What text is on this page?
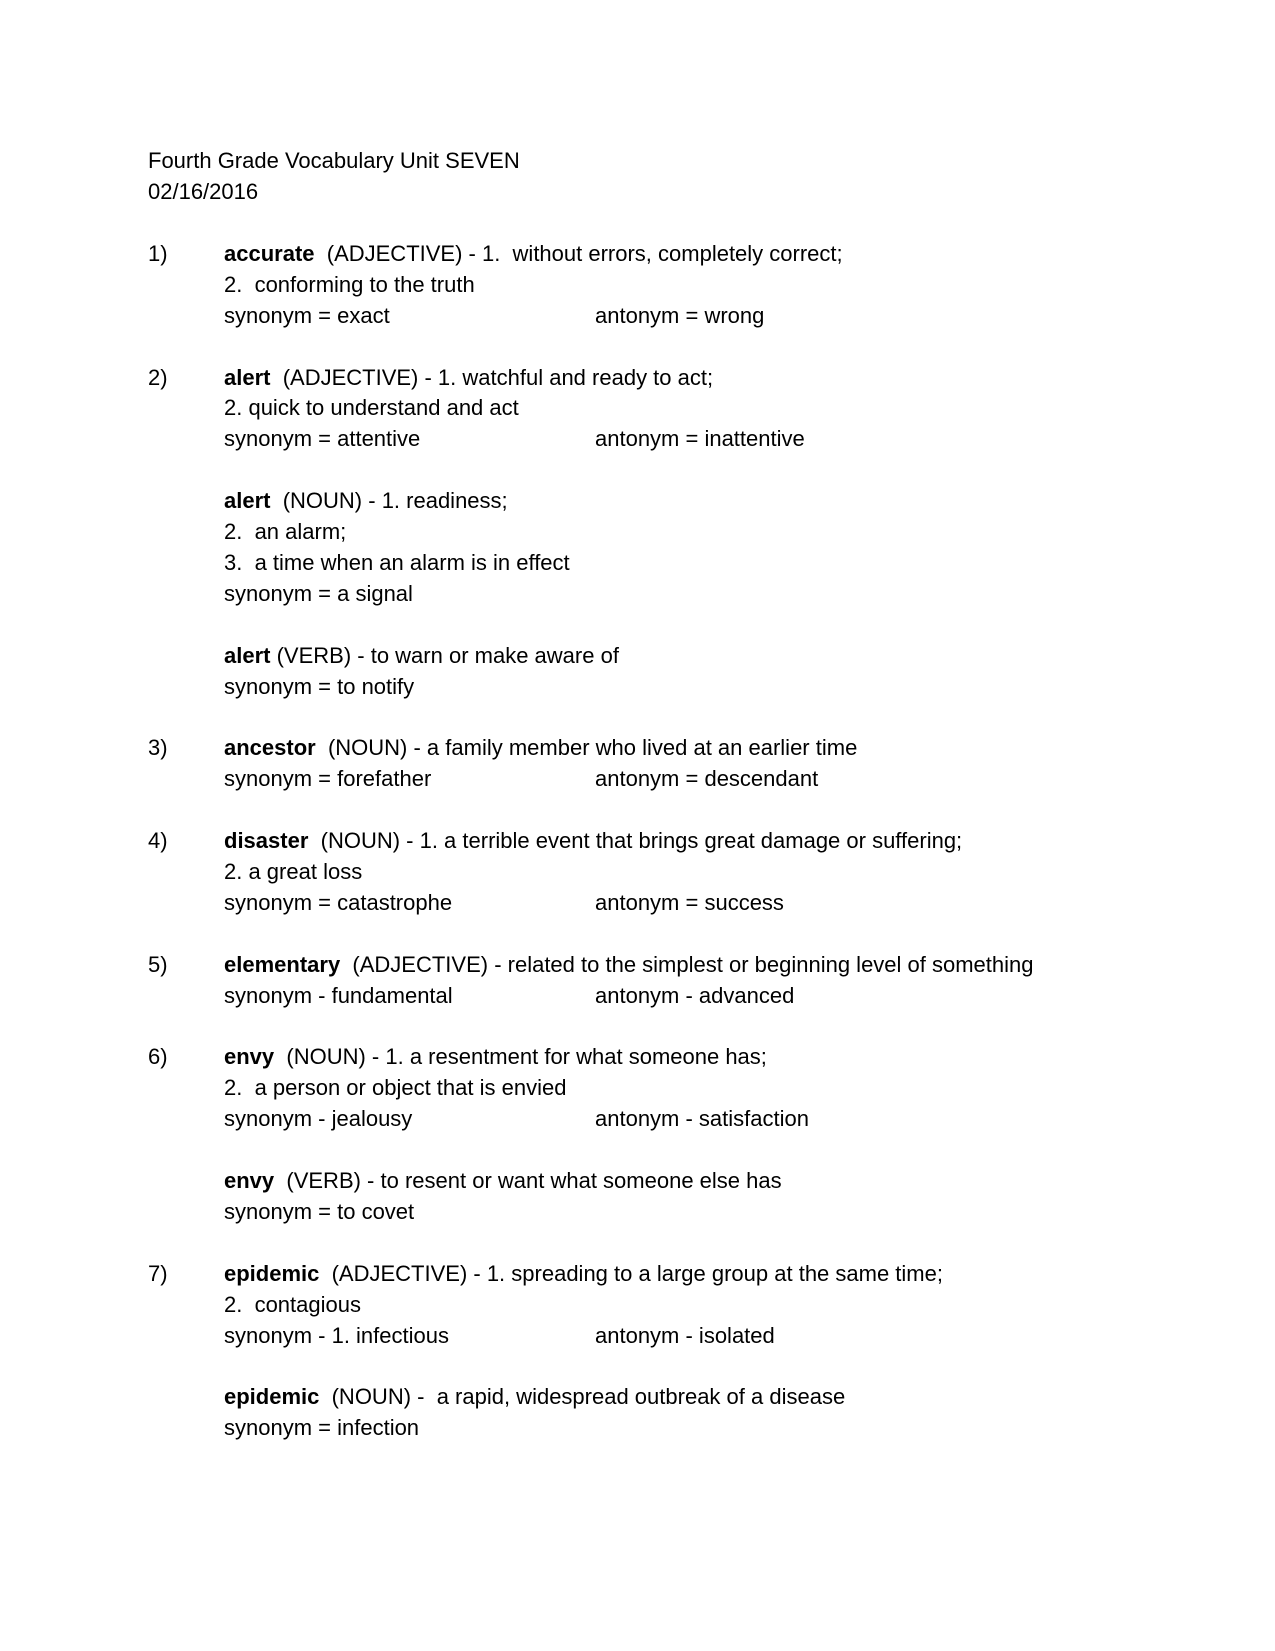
Fourth Grade Vocabulary Unit SEVEN
02/16/2016
1)	accurate  (ADJECTIVE) - 1.  without errors, completely correct;
2.  conforming to the truth
synonym = exact	antonym = wrong
2)	alert  (ADJECTIVE) - 1. watchful and ready to act;
2. quick to understand and act
synonym = attentive	antonym = inattentive
alert  (NOUN) - 1. readiness;
2.  an alarm;
3.  a time when an alarm is in effect
synonym = a signal
alert (VERB) - to warn or make aware of
synonym = to notify
3)	ancestor  (NOUN) - a family member who lived at an earlier time
synonym = forefather	antonym = descendant
4)	disaster  (NOUN) - 1. a terrible event that brings great damage or suffering;
2. a great loss
synonym = catastrophe	antonym = success
5)	elementary  (ADJECTIVE) - related to the simplest or beginning level of something
synonym - fundamental	antonym - advanced
6)	envy  (NOUN) - 1. a resentment for what someone has;
2.  a person or object that is envied
synonym - jealousy	antonym - satisfaction
envy  (VERB) - to resent or want what someone else has
synonym = to covet
7)	epidemic  (ADJECTIVE) - 1. spreading to a large group at the same time;
2.  contagious
synonym - 1. infectious	antonym - isolated
epidemic  (NOUN) -  a rapid, widespread outbreak of a disease
synonym = infection
